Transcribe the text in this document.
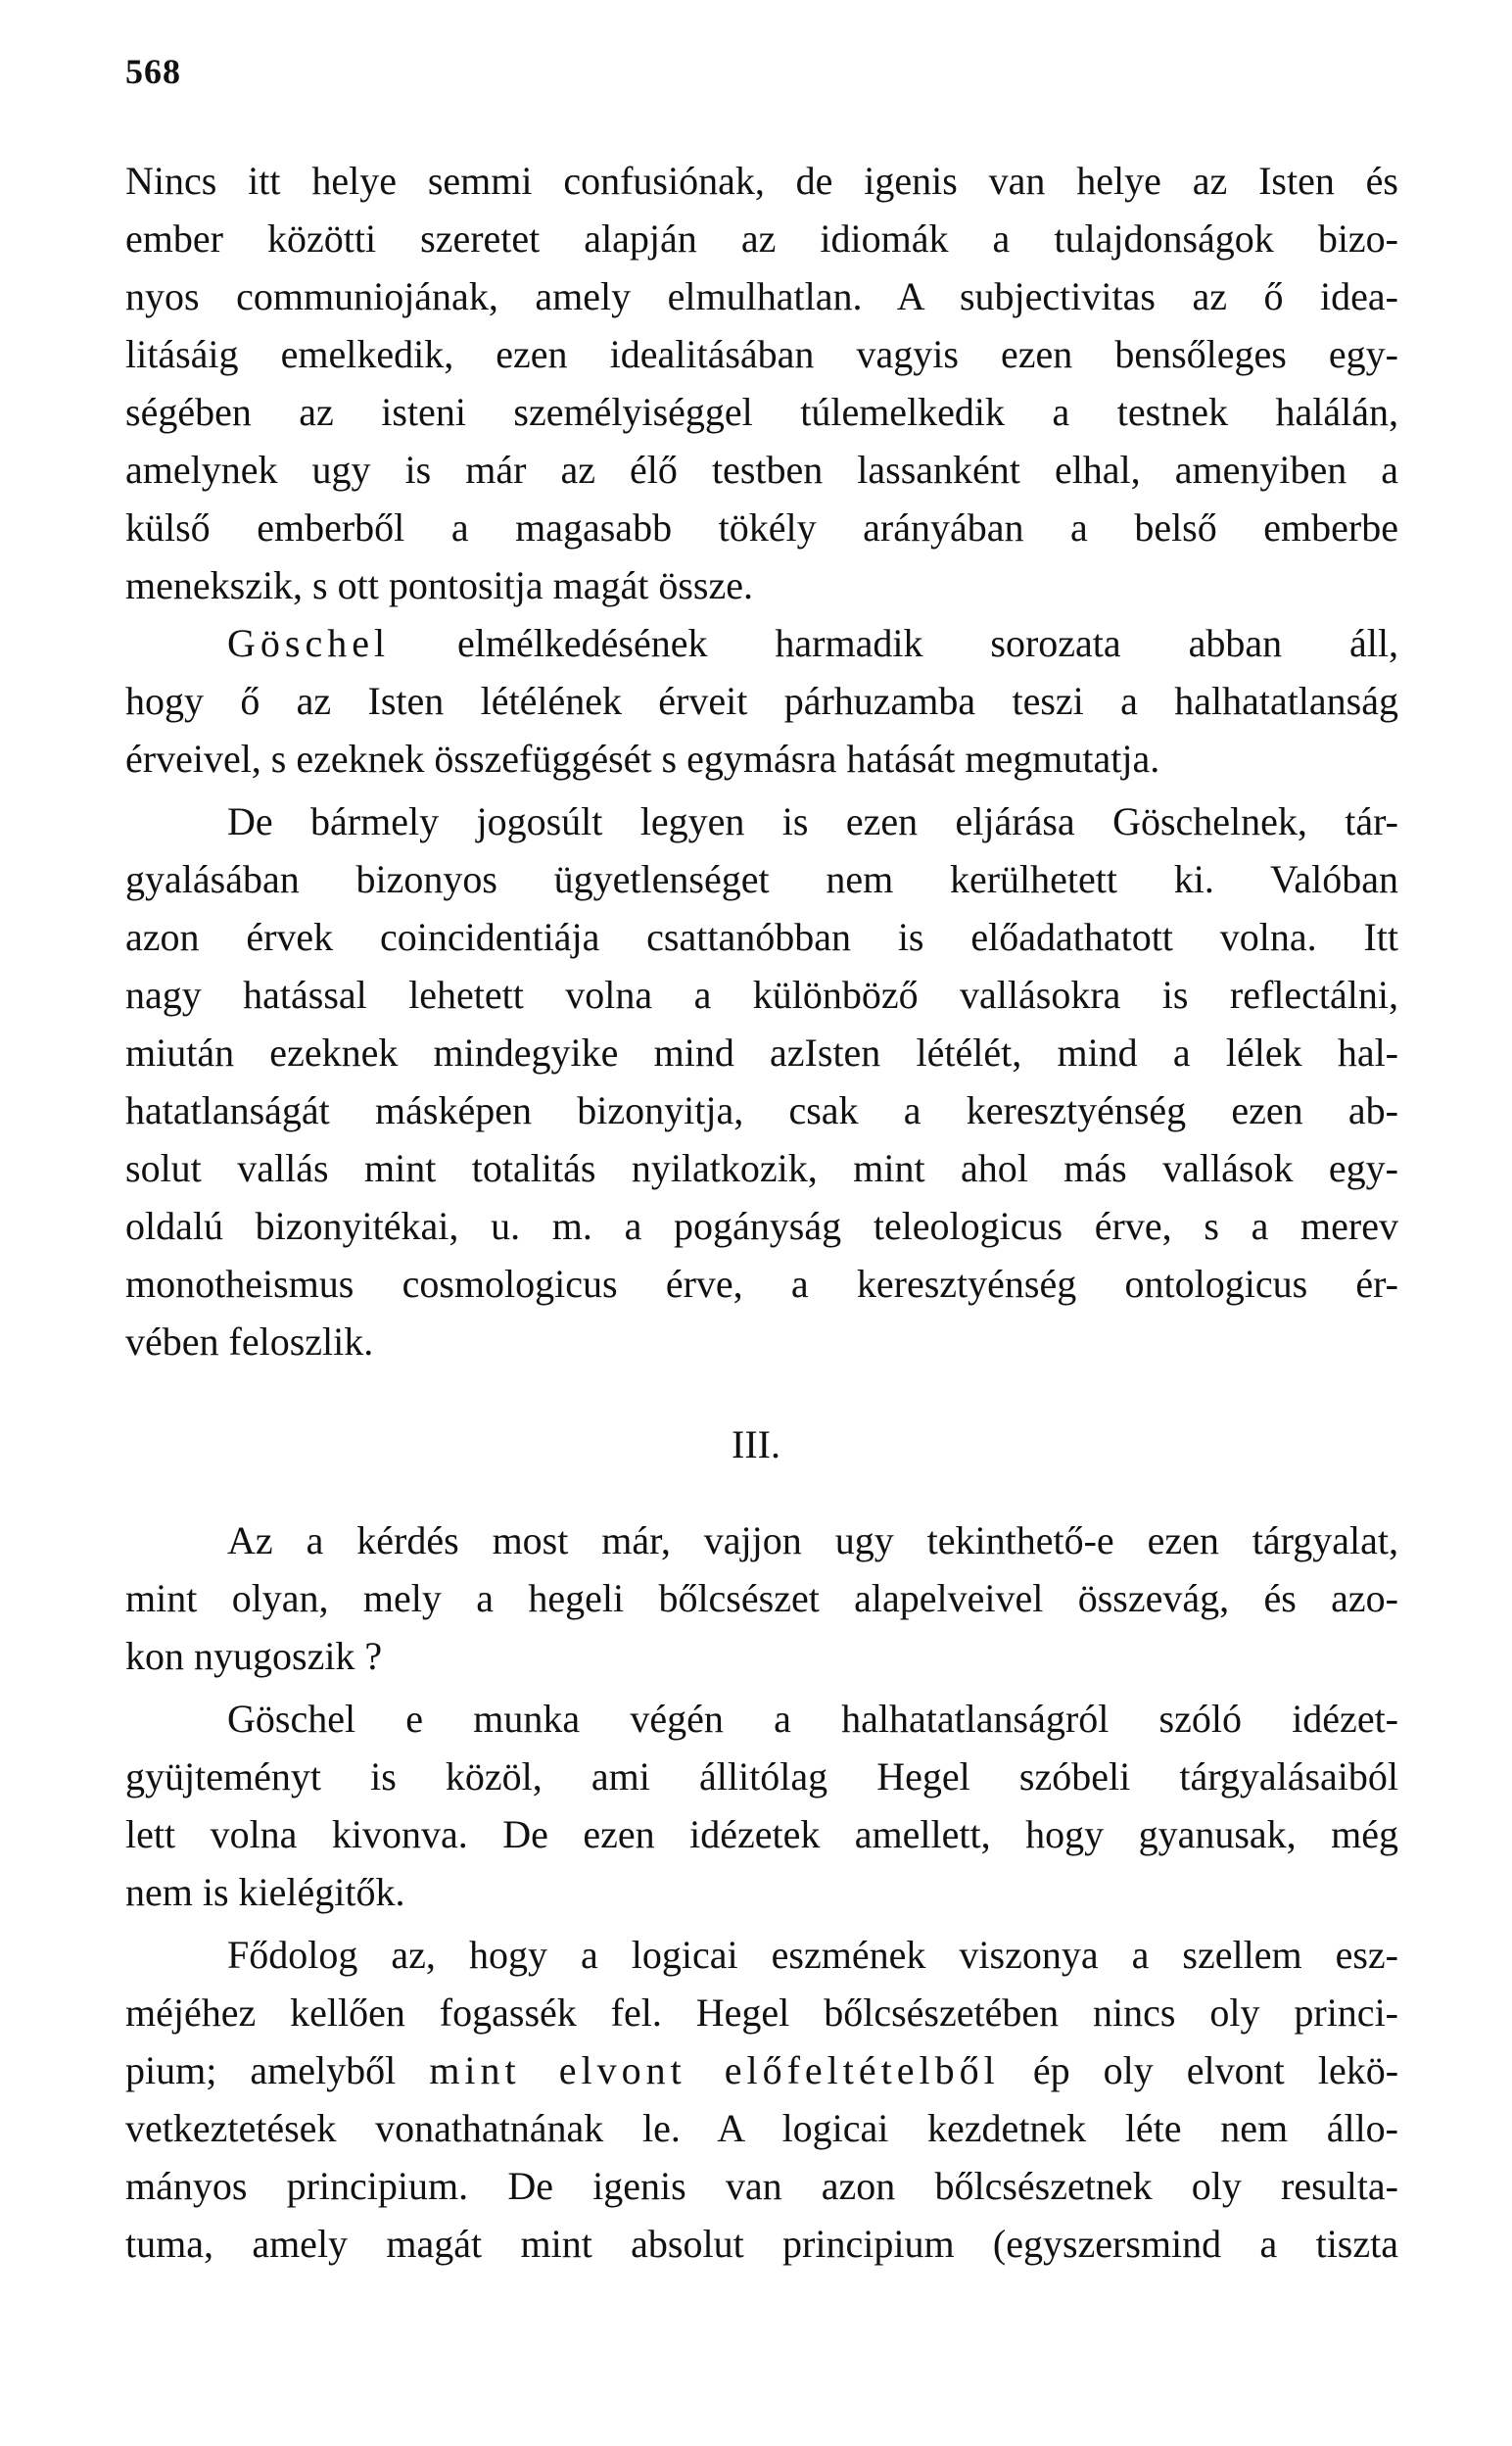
568
Nincs itt helye semmi confusiónak, de igenis van helye az Isten és
ember közötti szeretet alapján az idiomák a tulajdonságok bizo-
nyos communiojának, amely elmulhatlan. A subjectivitas az ő idea-
litásáig emelkedik, ezen idealitásában vagyis ezen bensőleges egy-
ségében az isteni személyiséggel túlemelkedik a testnek halálán,
amelynek ugy is már az élő testben lassanként elhal, amenyiben a
külső emberből a magasabb tökély arányában a belső emberbe
menekszik, s ott pontositja magát össze.
Göschel elmélkedésének harmadik sorozata abban áll,
hogy ő az Isten létélének érveit párhuzamba teszi a halhatatlanság
érveivel, s ezeknek összefüggését s egymásra hatását megmutatja.
De bármely jogosúlt legyen is ezen eljárása Göschelnek, tár-
gyalásában bizonyos ügyetlenséget nem kerülhetett ki. Valóban
azon érvek coincidentiája csattanóbban is előadathatott volna. Itt
nagy hatással lehetett volna a különböző vallásokra is reflectálni,
miután ezeknek mindegyike mind azIsten létélét, mind a lélek hal-
hatatlanságát másképen bizonyitja, csak a keresztyénség ezen ab-
solut vallás mint totalitás nyilatkozik, mint ahol más vallások egy-
oldalú bizonyitékai, u. m. a pogányság teleologicus érve, s a merev
monotheismus cosmologicus érve, a keresztyénség ontologicus ér-
vében feloszlik.
III.
Az a kérdés most már, vajjon ugy tekinthető-e ezen tárgyalat,
mint olyan, mely a hegeli bőlcsészet alapelveivel összevág, és azo-
kon nyugoszik ?
Göschel e munka végén a halhatatlanságról szóló idézet-
gyüjteményt is közöl, ami állitólag Hegel szóbeli tárgyalásaiból
lett volna kivonva. De ezen idézetek amellett, hogy gyanusak, még
nem is kielégitők.
Fődolog az, hogy a logicai eszmének viszonya a szellem esz-
méjéhez kellően fogassék fel. Hegel bőlcsészetében nincs oly princi-
pium; amelyből mint elvont előfeltételből ép oly elvont lekö-
vetkeztetések vonathatnának le. A logicai kezdetnek léte nem állo-
mányos principium. De igenis van azon bőlcsészetnek oly resulta-
tuma, amely magát mint absolut principium (egyszersmind a tiszta
